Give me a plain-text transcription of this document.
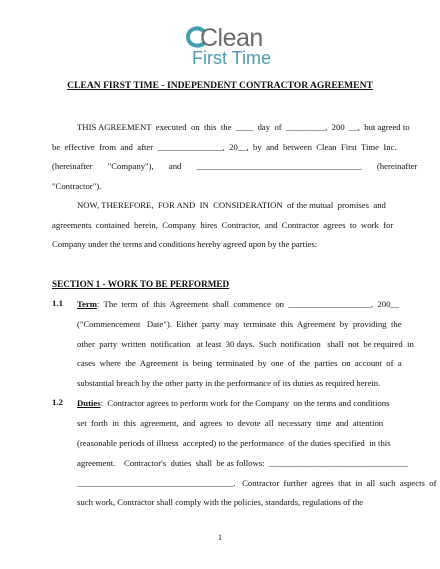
Clean
First Time
CLEAN FIRST TIME - INDEPENDENT CONTRACTOR AGREEMENT
THIS AGREEMENT  executed  on  this  the  ____  day  of  _________,  200  __,  but agreed to
be  effective  from  and  after  _______________,  20__,  by  and  between  Clean  First  Time  Inc.
(hereinafter       "Company"),       and       ______________________________________       (hereinafter
"Contractor").
NOW, THEREFORE,  FOR AND  IN  CONSIDERATION  of the mutual  promises  and
agreements  contained  herein,  Company  hires  Contractor,  and  Contractor  agrees  to  work  for
Company under the terms and conditions hereby agreed upon by the parties:
SECTION 1 - WORK TO BE PERFORMED
1.1 Term:  The  term  of  this  Agreement  shall  commence  on  ___________________,  200__
("Commencement   Date").  Either  party  may  terminate  this  Agreement  by  providing  the
other  party  written  notification   at least  30 days.  Such  notification   shall  not  be required  in
cases  where  the  Agreement  is  being  terminated  by  one  of  the  parties  on  account  of  a
substantial breach by the other party in the performance of its duties as required herein.
1.2 Duties:  Contractor agrees to perform work for the Company  on the terms and conditions
set  forth  in  this  agreement,  and  agrees  to  devote  all  necessary  time  and  attention
(reasonable periods of illness  accepted) to the performance  of the duties specified  in this
agreement.    Contractor's  duties  shall  be as follows:  ________________________________
____________________________________.   Contractor  further  agrees  that  in  all  such  aspects  of
such work, Contractor shall comply with the policies, standards, regulations of the
1
